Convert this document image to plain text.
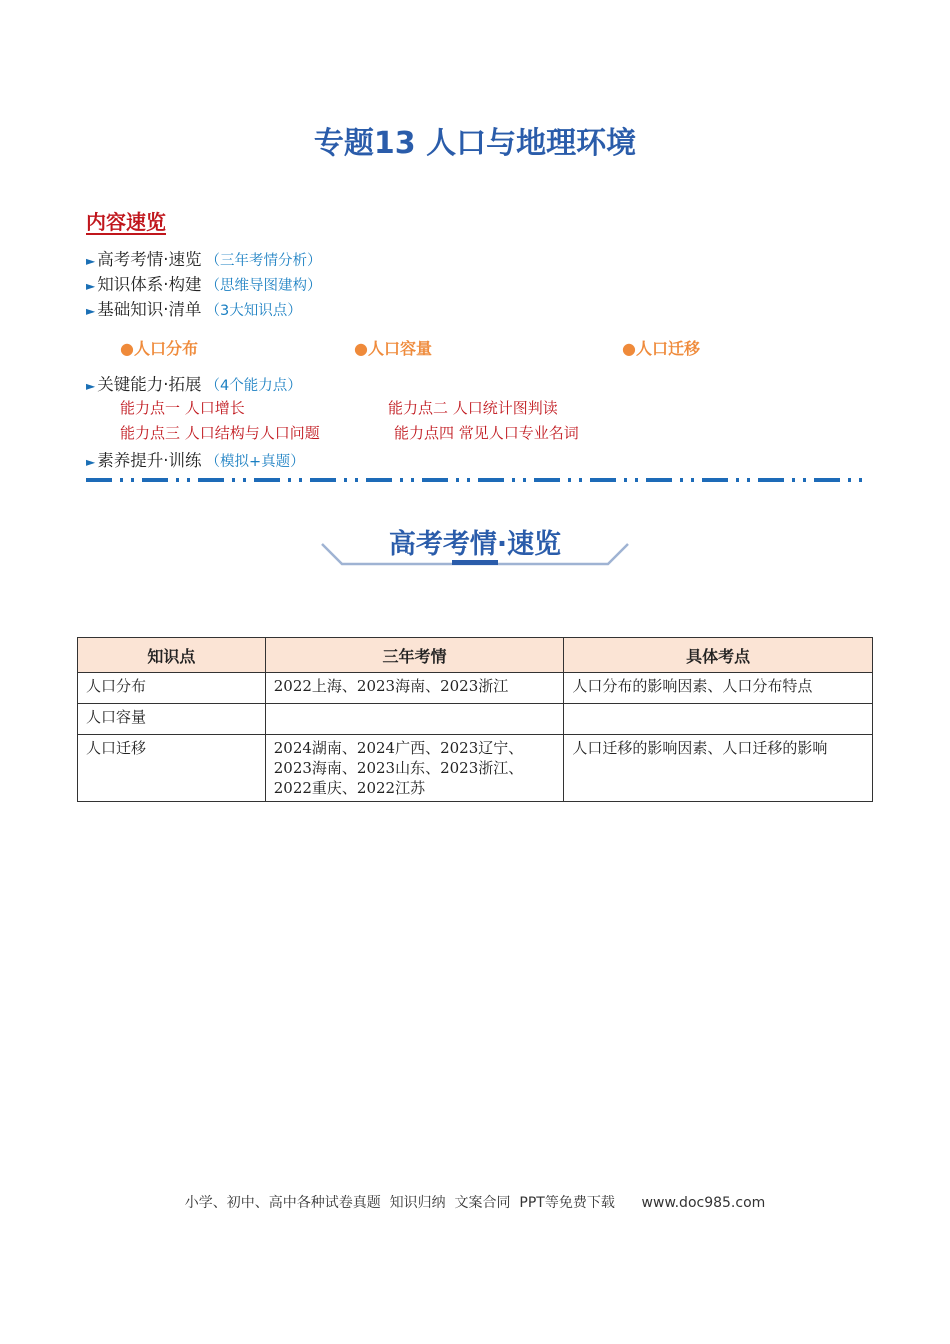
专题13 人口与地理环境
内容速览
► 高考考情·速览 （三年考情分析）
► 知识体系·构建 （思维导图建构）
► 基础知识·清单 （3大知识点）
●人口分布	●人口容量	●人口迁移
► 关键能力·拓展 （4个能力点）
能力点一 人口增长	能力点二 人口统计图判读
能力点三 人口结构与人口问题	能力点四 常见人口专业名词
► 素养提升·训练 （模拟+真题）
高考考情·速览
知识点	三年考情	具体考点
人口分布	2022上海、2023海南、2023浙江	人口分布的影响因素、人口分布特点
人口容量		
人口迁移	2024湖南、2024广西、2023辽宁、2023海南、2023山东、2023浙江、2022重庆、2022江苏	人口迁移的影响因素、人口迁移的影响
小学、初中、高中各种试卷真题  知识归纳  文案合同  PPT等免费下载      www.doc985.com
